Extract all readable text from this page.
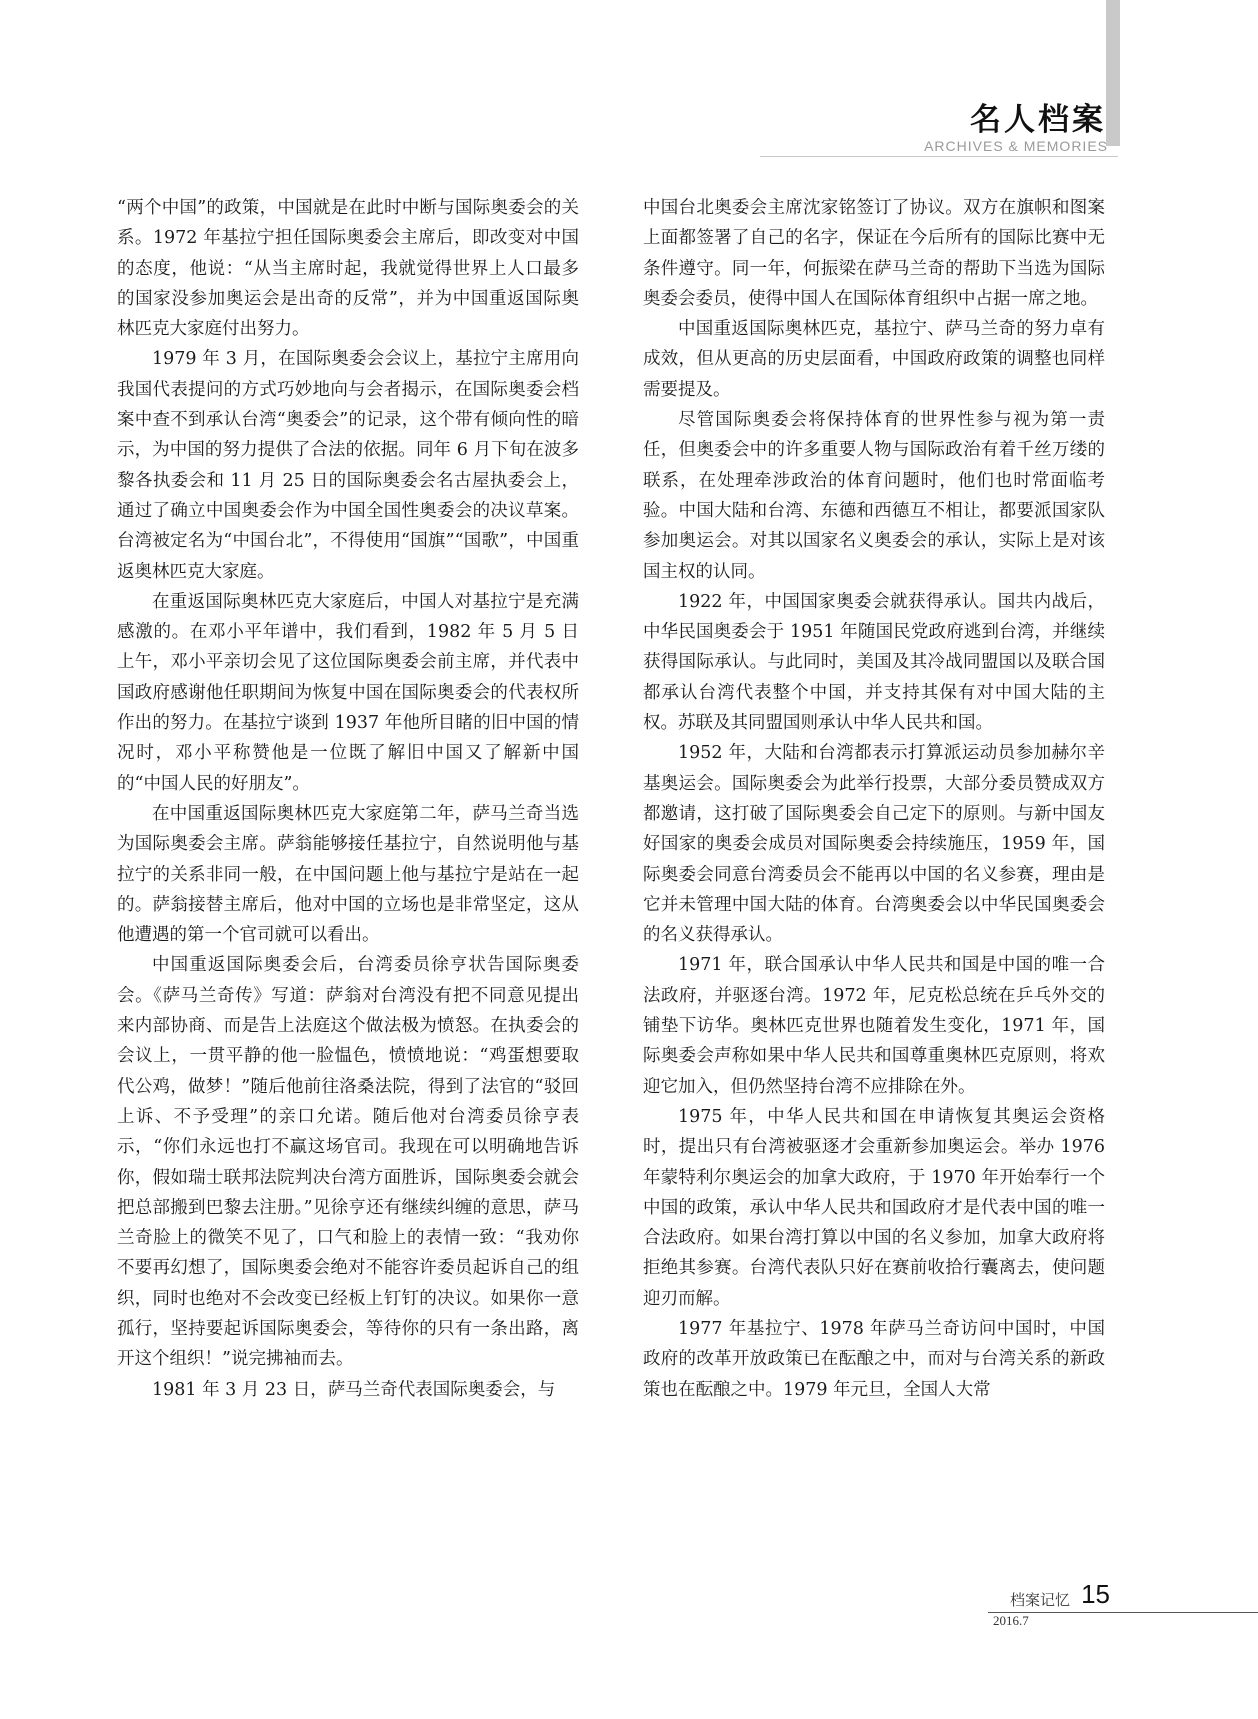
名人档案
ARCHIVES & MEMORIES

“两个中国”的政策，中国就是在此时中断与国际奥委会的关系。1972 年基拉宁担任国际奥委会主席后，即改变对中国的态度，他说：“从当主席时起，我就觉得世界上人口最多的国家没参加奥运会是出奇的反常”，并为中国重返国际奥林匹克大家庭付出努力。

1979 年 3 月，在国际奥委会会议上，基拉宁主席用向我国代表提问的方式巧妙地向与会者揭示，在国际奥委会档案中查不到承认台湾“奥委会”的记录，这个带有倾向性的暗示，为中国的努力提供了合法的依据。同年 6 月下旬在波多黎各执委会和 11 月 25 日的国际奥委会名古屋执委会上，通过了确立中国奥委会作为中国全国性奥委会的决议草案。台湾被定名为“中国台北”，不得使用“国旗”“国歌”，中国重返奥林匹克大家庭。

在重返国际奥林匹克大家庭后，中国人对基拉宁是充满感激的。在邓小平年谱中，我们看到，1982 年 5 月 5 日上午，邓小平亲切会见了这位国际奥委会前主席，并代表中国政府感谢他任职期间为恢复中国在国际奥委会的代表权所作出的努力。在基拉宁谈到 1937 年他所目睹的旧中国的情况时，邓小平称赞他是一位既了解旧中国又了解新中国的“中国人民的好朋友”。

在中国重返国际奥林匹克大家庭第二年，萨马兰奇当选为国际奥委会主席。萨翁能够接任基拉宁，自然说明他与基拉宁的关系非同一般，在中国问题上他与基拉宁是站在一起的。萨翁接替主席后，他对中国的立场也是非常坚定，这从他遭遇的第一个官司就可以看出。

中国重返国际奥委会后，台湾委员徐亨状告国际奥委会。《萨马兰奇传》写道：萨翁对台湾没有把不同意见提出来内部协商、而是告上法庭这个做法极为愤怒。在执委会的会议上，一贯平静的他一脸愠色，愤愤地说：“鸡蛋想要取代公鸡，做梦！”随后他前往洛桑法院，得到了法官的“驳回上诉、不予受理”的亲口允诺。随后他对台湾委员徐亨表示，“你们永远也打不赢这场官司。我现在可以明确地告诉你，假如瑞士联邦法院判决台湾方面胜诉，国际奥委会就会把总部搬到巴黎去注册。”见徐亨还有继续纠缠的意思，萨马兰奇脸上的微笑不见了，口气和脸上的表情一致：“我劝你不要再幻想了，国际奥委会绝对不能容许委员起诉自己的组织，同时也绝对不会改变已经板上钉钉的决议。如果你一意孤行，坚持要起诉国际奥委会，等待你的只有一条出路，离开这个组织！”说完拂袖而去。

1981 年 3 月 23 日，萨马兰奇代表国际奥委会，与

中国台北奥委会主席沈家铭签订了协议。双方在旗帜和图案上面都签署了自己的名字，保证在今后所有的国际比赛中无条件遵守。同一年，何振梁在萨马兰奇的帮助下当选为国际奥委会委员，使得中国人在国际体育组织中占据一席之地。

中国重返国际奥林匹克，基拉宁、萨马兰奇的努力卓有成效，但从更高的历史层面看，中国政府政策的调整也同样需要提及。

尽管国际奥委会将保持体育的世界性参与视为第一责任，但奥委会中的许多重要人物与国际政治有着千丝万缕的联系，在处理牵涉政治的体育问题时，他们也时常面临考验。中国大陆和台湾、东德和西德互不相让，都要派国家队参加奥运会。对其以国家名义奥委会的承认，实际上是对该国主权的认同。

1922 年，中国国家奥委会就获得承认。国共内战后，中华民国奥委会于 1951 年随国民党政府逃到台湾，并继续获得国际承认。与此同时，美国及其冷战同盟国以及联合国都承认台湾代表整个中国，并支持其保有对中国大陆的主权。苏联及其同盟国则承认中华人民共和国。

1952 年，大陆和台湾都表示打算派运动员参加赫尔辛基奥运会。国际奥委会为此举行投票，大部分委员赞成双方都邀请，这打破了国际奥委会自己定下的原则。与新中国友好国家的奥委会成员对国际奥委会持续施压，1959 年，国际奥委会同意台湾委员会不能再以中国的名义参赛，理由是它并未管理中国大陆的体育。台湾奥委会以中华民国奥委会的名义获得承认。

1971 年，联合国承认中华人民共和国是中国的唯一合法政府，并驱逐台湾。1972 年，尼克松总统在乒乓外交的铺垫下访华。奥林匹克世界也随着发生变化，1971 年，国际奥委会声称如果中华人民共和国尊重奥林匹克原则，将欢迎它加入，但仍然坚持台湾不应排除在外。

1975 年，中华人民共和国在申请恢复其奥运会资格时，提出只有台湾被驱逐才会重新参加奥运会。举办 1976 年蒙特利尔奥运会的加拿大政府，于 1970 年开始奉行一个中国的政策，承认中华人民共和国政府才是代表中国的唯一合法政府。如果台湾打算以中国的名义参加，加拿大政府将拒绝其参赛。台湾代表队只好在赛前收拾行囊离去，使问题迎刃而解。

1977 年基拉宁、1978 年萨马兰奇访问中国时，中国政府的改革开放政策已在酝酿之中，而对与台湾关系的新政策也在酝酿之中。1979 年元旦，全国人大常

档案记忆 15
2016.7
